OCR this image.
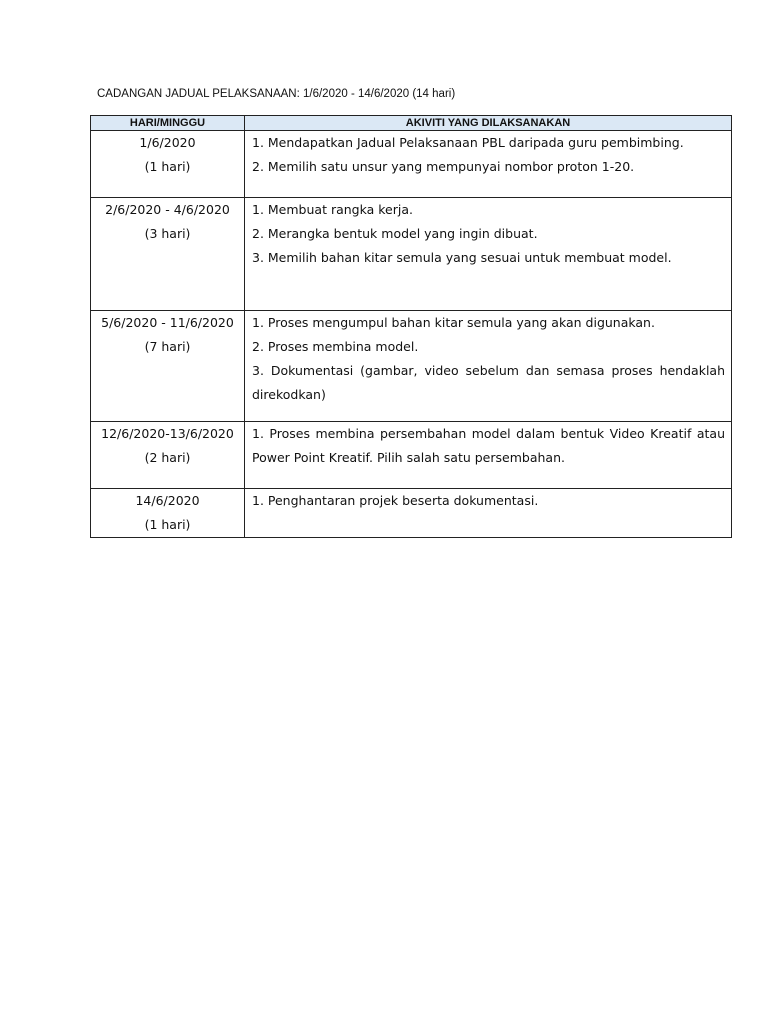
CADANGAN JADUAL PELAKSANAAN: 1/6/2020 - 14/6/2020 (14 hari)
HARI/MINGGU	AKIVITI YANG DILAKSANAKAN

1/6/2020
(1 hari)	1. Mendapatkan Jadual Pelaksanaan PBL daripada guru pembimbing.
2. Memilih satu unsur yang mempunyai nombor proton 1-20.

2/6/2020 - 4/6/2020
(3 hari)	1. Membuat rangka kerja.
2. Merangka bentuk model yang ingin dibuat.
3. Memilih bahan kitar semula yang sesuai untuk membuat model.

5/6/2020 - 11/6/2020
(7 hari)	1. Proses mengumpul bahan kitar semula yang akan digunakan.
2. Proses membina model.
3. Dokumentasi (gambar, video sebelum dan semasa proses hendaklah direkodkan)

12/6/2020-13/6/2020
(2 hari)	1. Proses membina persembahan model dalam bentuk Video Kreatif atau Power Point Kreatif. Pilih salah satu persembahan.

14/6/2020
(1 hari)	1. Penghantaran projek beserta dokumentasi.
